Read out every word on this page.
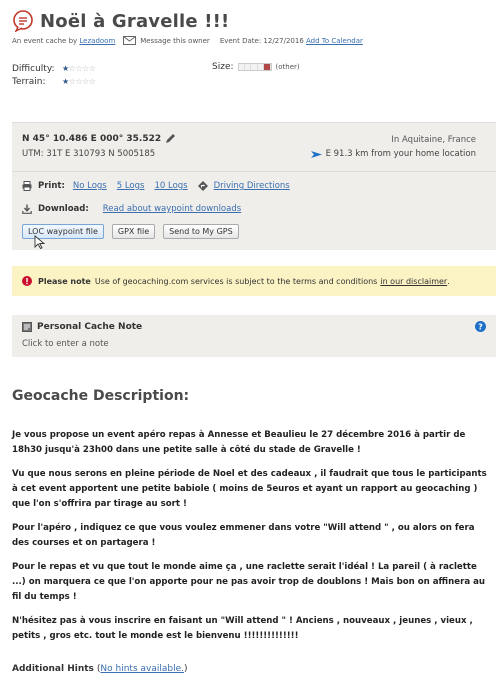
Noël à Gravelle !!!
An event cache by
Lezadoom	Message this owner Event Date:
12/27/2016
Add To Calendar
Difficulty: ★ ☆☆☆☆
Terrain:	★ ☆☆☆☆
Size:	(other)
N 45° 10.486 E 000° 35.522
UTM: 31T E 310793 N 5005185
In Aquitaine, France
E 91.3 km from your home location
Print: No Logs 5 Logs 10 Logs	Driving Directions
Download: Read about waypoint downloads
LOC waypoint file	GPX file	Send to My GPS
Please note Use of geocaching.com services is subject to the terms and conditions in our disclaimer .
Personal Cache Note
Click to enter a note
?
Geocache Description:

Je vous propose un event apéro repas à Annesse et Beaulieu le 27 décembre 2016 à partir de 18h30 jusqu'à 23h00 dans une petite salle à côté du stade de Gravelle !

Vu que nous serons en pleine période de Noel et des cadeaux , il faudrait que tous le participants à cet event apportent une petite babiole ( moins de 5euros et ayant un rapport au geocaching ) que l'on s'offrira par tirage au sort !

Pour l'apéro , indiquez ce que vous voulez emmener dans votre "Will attend " , ou alors on fera des courses et on partagera !

Pour le repas et vu que tout le monde aime ça , une raclette serait l'idéal ! La pareil ( à raclette ...) on marquera ce que l'on apporte pour ne pas avoir trop de doublons ! Mais bon on affinera au fil du temps !

N'hésitez pas à vous inscrire en faisant un "Will attend " ! Anciens , nouveaux , jeunes , vieux , petits , gros etc. tout le monde est le bienvenu !!!!!!!!!!!!!!

Additional Hints (No hints available.)
